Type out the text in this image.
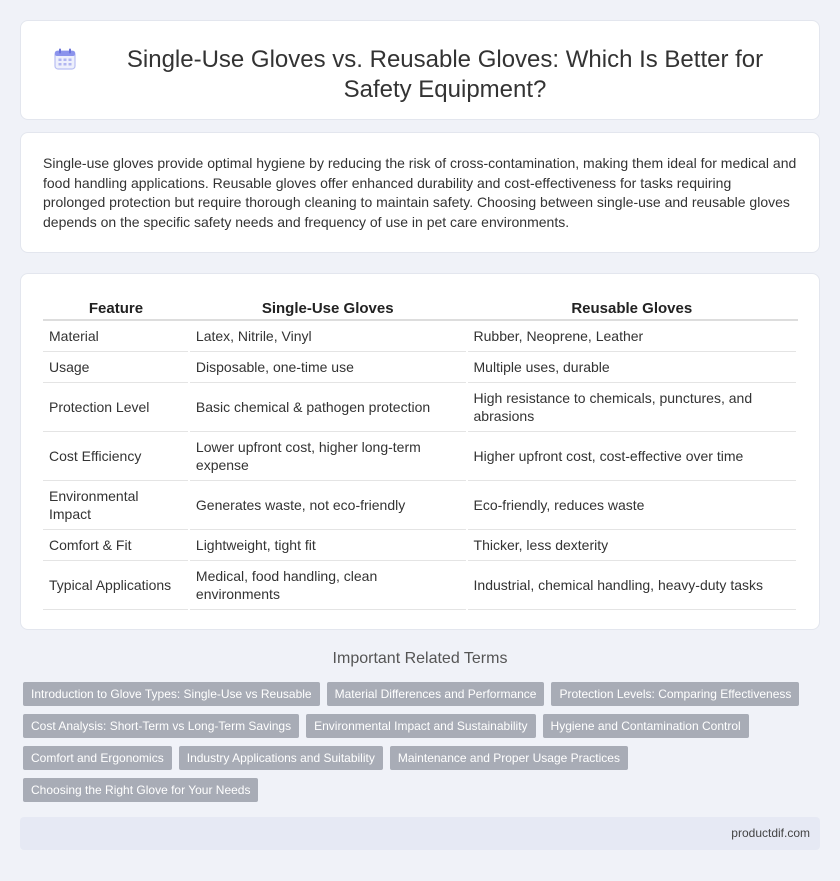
Single-Use Gloves vs. Reusable Gloves: Which Is Better for Safety Equipment?

Single-use gloves provide optimal hygiene by reducing the risk of cross-contamination, making them ideal for medical and food handling applications. Reusable gloves offer enhanced durability and cost-effectiveness for tasks requiring prolonged protection but require thorough cleaning to maintain safety. Choosing between single-use and reusable gloves depends on the specific safety needs and frequency of use in pet care environments.

Feature	Single-Use Gloves	Reusable Gloves
Material	Latex, Nitrile, Vinyl	Rubber, Neoprene, Leather
Usage	Disposable, one-time use	Multiple uses, durable
Protection Level	Basic chemical & pathogen protection	High resistance to chemicals, punctures, and abrasions
Cost Efficiency	Lower upfront cost, higher long-term expense	Higher upfront cost, cost-effective over time
Environmental Impact	Generates waste, not eco-friendly	Eco-friendly, reduces waste
Comfort & Fit	Lightweight, tight fit	Thicker, less dexterity
Typical Applications	Medical, food handling, clean environments	Industrial, chemical handling, heavy-duty tasks
Important Related Terms
Introduction to Glove Types: Single-Use vs Reusable	Material Differences and Performance	Protection Levels: Comparing Effectiveness
Cost Analysis: Short-Term vs Long-Term Savings	Environmental Impact and Sustainability	Hygiene and Contamination Control
Comfort and Ergonomics	Industry Applications and Suitability	Maintenance and Proper Usage Practices
Choosing the Right Glove for Your Needs
productdif.com
